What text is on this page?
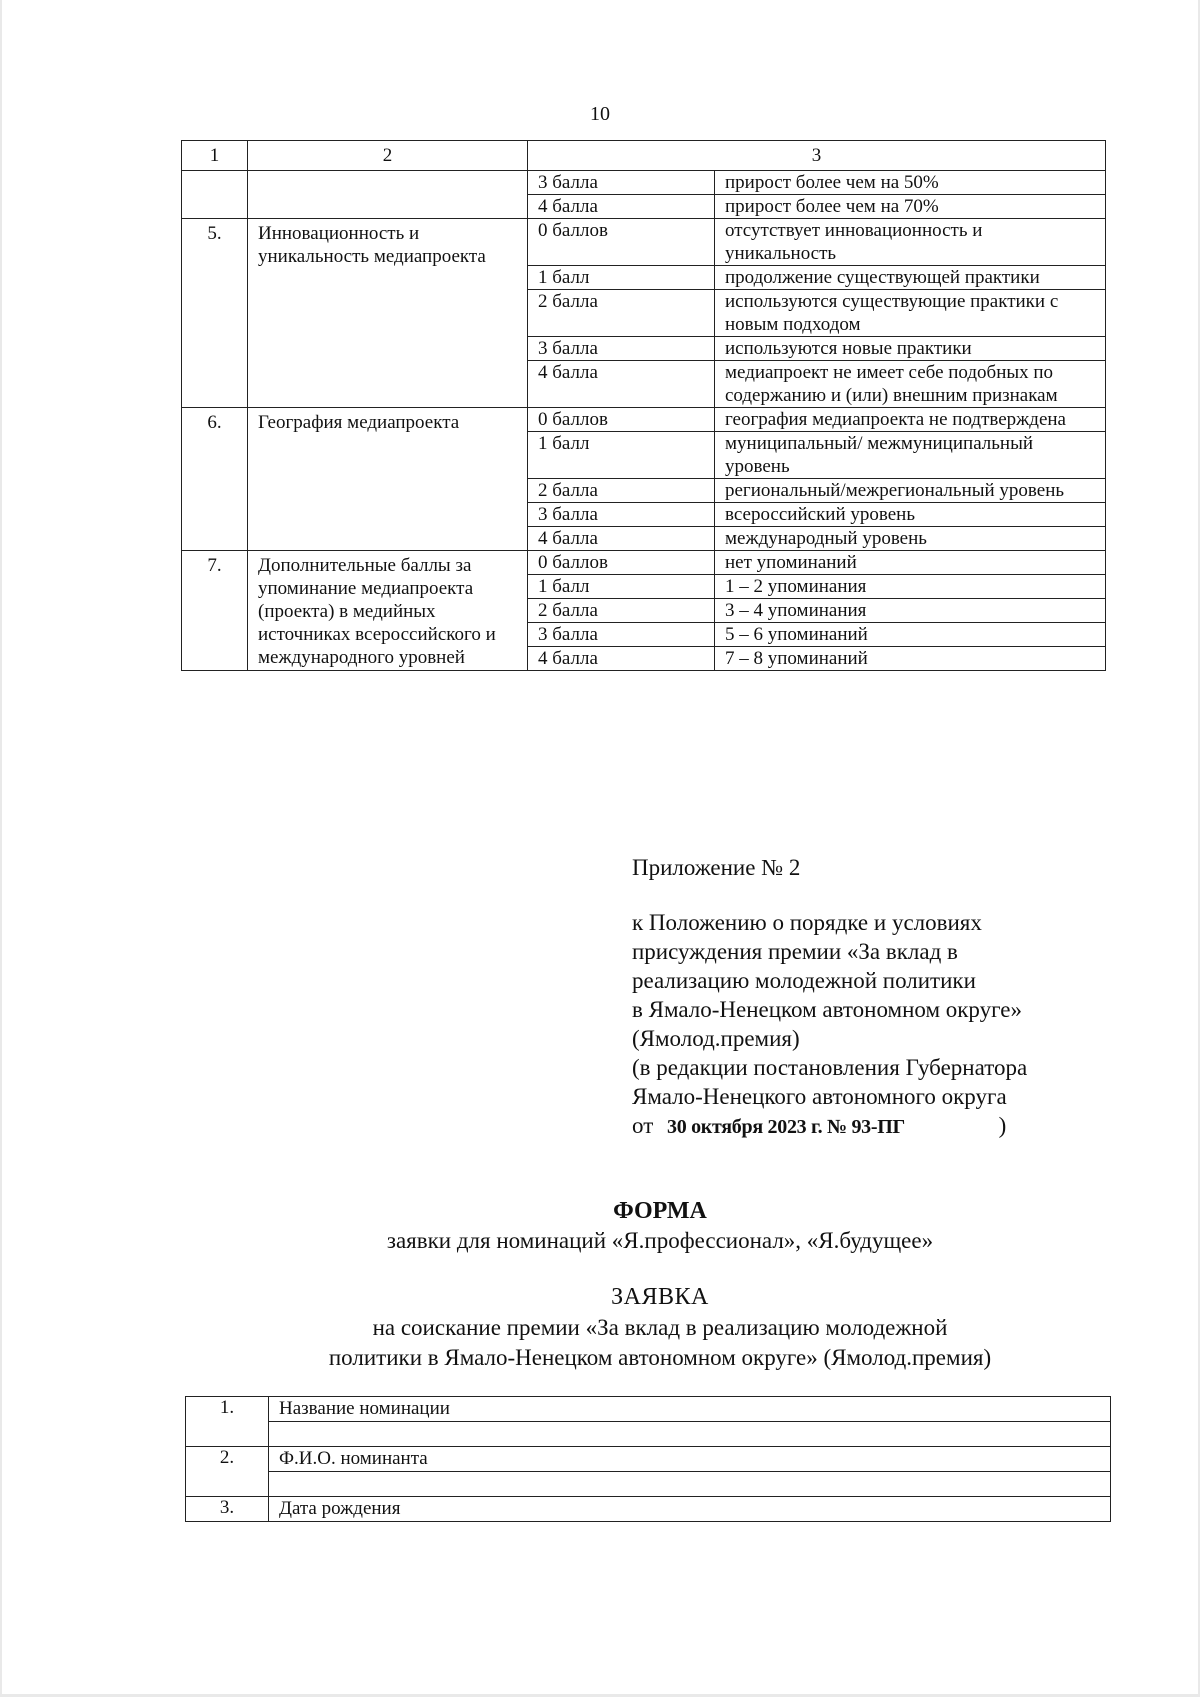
10
1	2	3	
		3 балла	прирост более чем на 50%
		4 балла	прирост более чем на 70%
5.	Инновационность и уникальность медиапроекта	0 баллов	отсутствует инновационность и уникальность
		1 балл	продолжение существующей практики
		2 балла	используются существующие практики с новым подходом
		3 балла	используются новые практики
		4 балла	медиапроект не имеет себе подобных по содержанию и (или) внешним признакам
6.	География медиапроекта	0 баллов	география медиапроекта не подтверждена
		1 балл	муниципальный/ межмуниципальный уровень
		2 балла	региональный/межрегиональный уровень
		3 балла	всероссийский уровень
		4 балла	международный уровень
7.	Дополнительные баллы за упоминание медиапроекта (проекта) в медийных источниках всероссийского и международного уровней	0 баллов	нет упоминаний
		1 балл	1 – 2 упоминания
		2 балла	3 – 4 упоминания
		3 балла	5 – 6 упоминаний
		4 балла	7 – 8 упоминаний
Приложение № 2
к Положению о порядке и условиях
присуждения премии «За вклад в
реализацию молодежной политики
в Ямало-Ненецком автономном округе»
(Ямолод.премия)
(в редакции постановления Губернатора
Ямало-Ненецкого автономного округа
от 30 октября 2023 г. № 93-ПГ	)
ФОРМА
заявки для номинаций «Я.профессионал», «Я.будущее»
ЗАЯВКА
на соискание премии «За вклад в реализацию молодежной
политики в Ямало-Ненецком автономном округе» (Ямолод.премия)
1.	Название номинации

2.	Ф.И.О. номинанта

3.	Дата рождения
